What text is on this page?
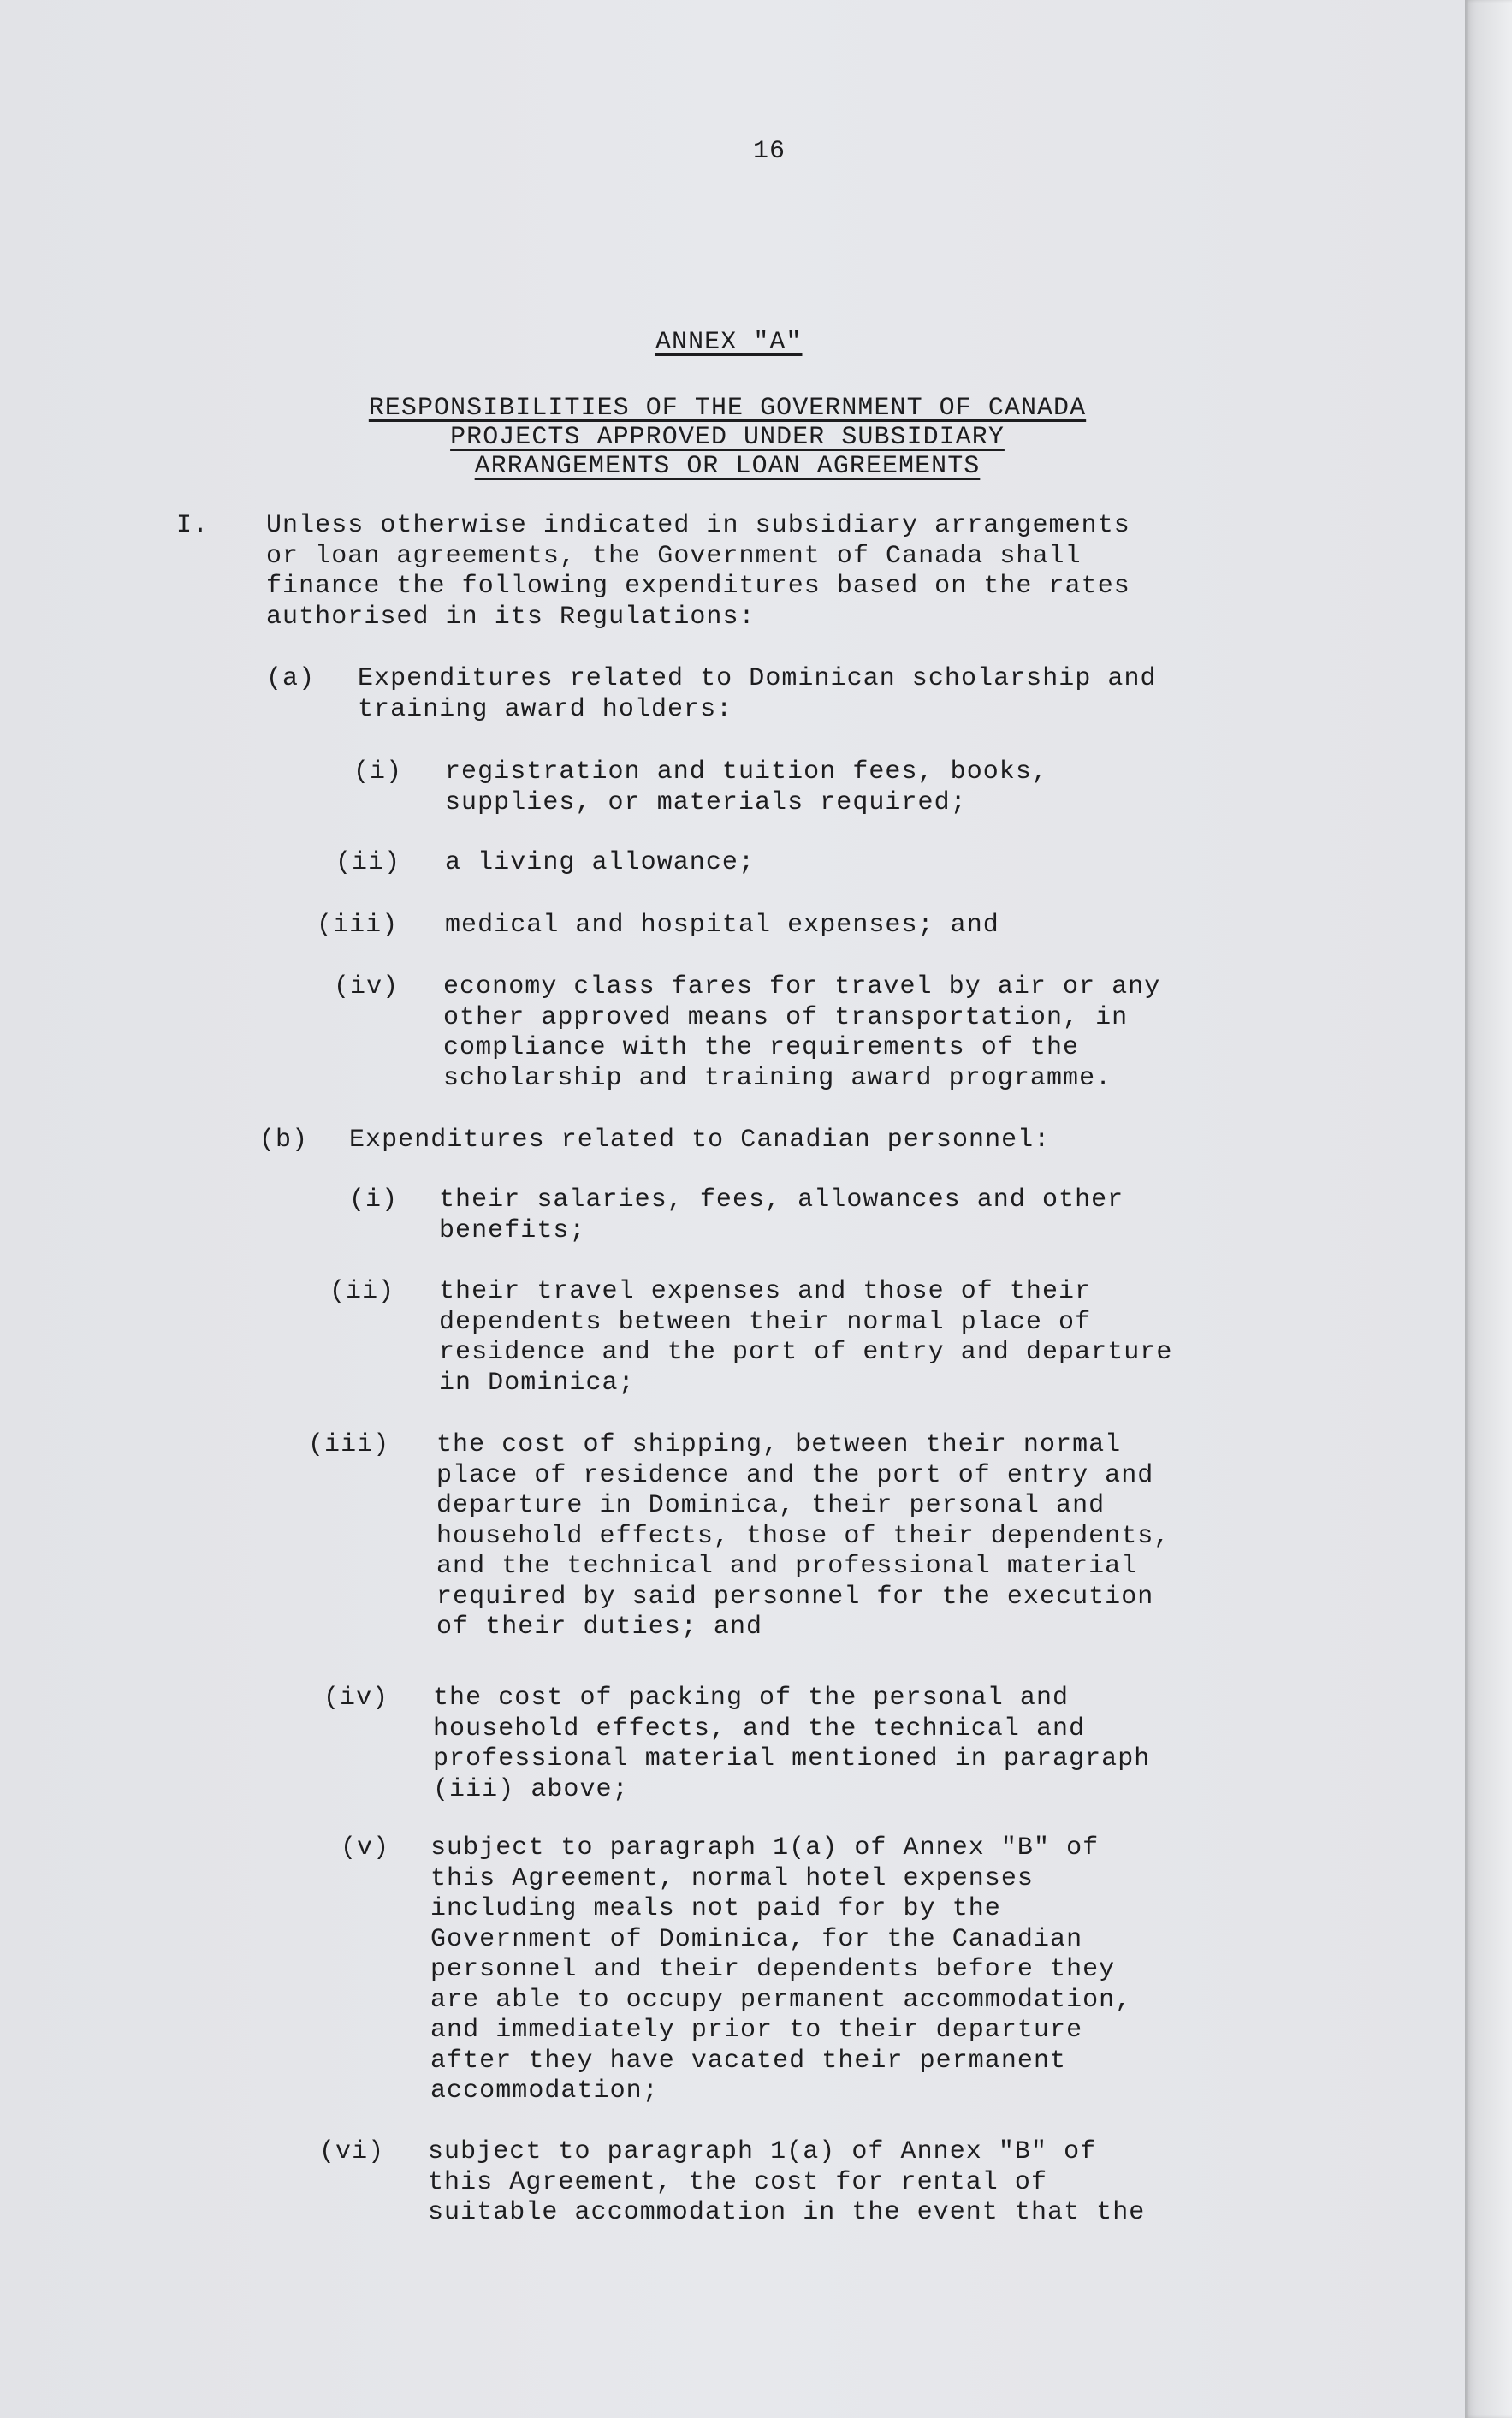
16
ANNEX "A"
RESPONSIBILITIES OF THE GOVERNMENT OF CANADA
PROJECTS APPROVED UNDER SUBSIDIARY
ARRANGEMENTS OR LOAN AGREEMENTS
I. Unless otherwise indicated in subsidiary arrangements
or loan agreements, the Government of Canada shall
finance the following expenditures based on the rates
authorised in its Regulations:
(a) Expenditures related to Dominican scholarship and
training award holders:
(i) registration and tuition fees, books,
supplies, or materials required;
(ii) a living allowance;
(iii) medical and hospital expenses; and
(iv) economy class fares for travel by air or any
other approved means of transportation, in
compliance with the requirements of the
scholarship and training award programme.
(b) Expenditures related to Canadian personnel:
(i) their salaries, fees, allowances and other
benefits;
(ii) their travel expenses and those of their
dependents between their normal place of
residence and the port of entry and departure
in Dominica;
(iii) the cost of shipping, between their normal
place of residence and the port of entry and
departure in Dominica, their personal and
household effects, those of their dependents,
and the technical and professional material
required by said personnel for the execution
of their duties; and
(iv) the cost of packing of the personal and
household effects, and the technical and
professional material mentioned in paragraph
(iii) above;
(v) subject to paragraph 1(a) of Annex "B" of
this Agreement, normal hotel expenses
including meals not paid for by the
Government of Dominica, for the Canadian
personnel and their dependents before they
are able to occupy permanent accommodation,
and immediately prior to their departure
after they have vacated their permanent
accommodation;
(vi) subject to paragraph 1(a) of Annex "B" of
this Agreement, the cost for rental of
suitable accommodation in the event that the
